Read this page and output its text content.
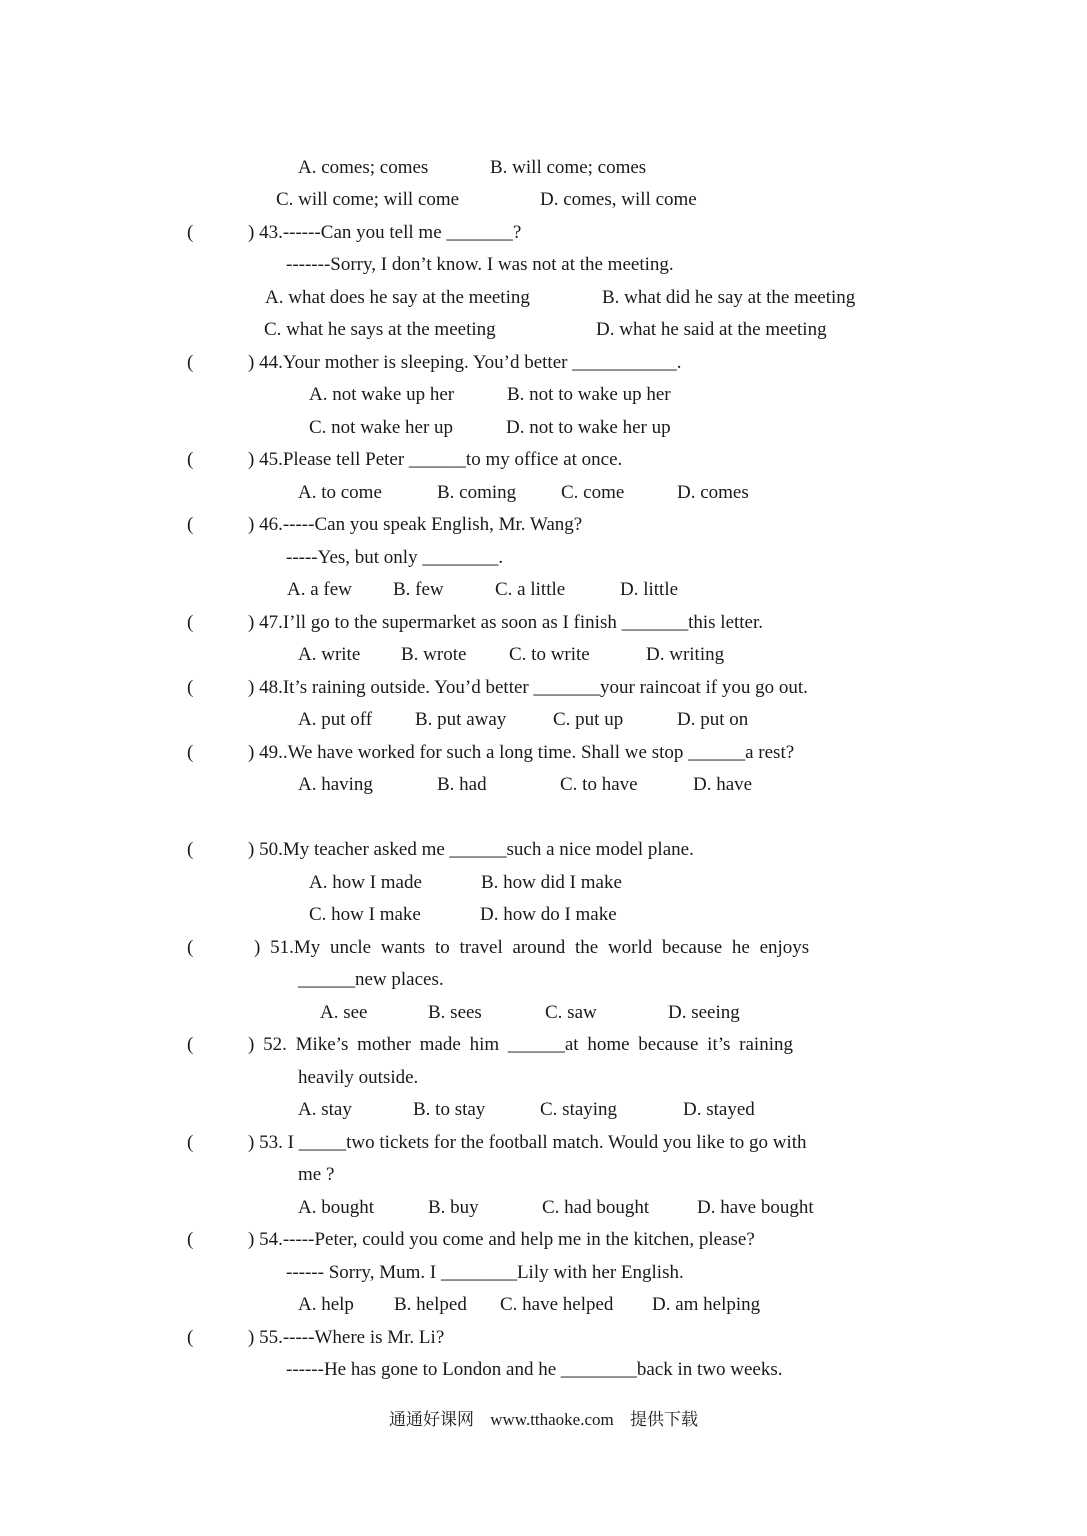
A. comes; comes	B. will come; comes
C. will come; will come	D. comes, will come
(	) 43.------Can you tell me _______?
-------Sorry, I don’t know. I was not at the meeting.
A. what does he say at the meeting	B. what did he say at the meeting
C. what he says at the meeting	D. what he said at the meeting
(	) 44.Your mother is sleeping. You’d better ___________.
A. not wake up her	B. not to wake up her
C. not wake her up	D. not to wake her up
(	) 45.Please tell Peter ______to my office at once.
A. to come	B. coming C. come	D. comes
(	) 46.-----Can you speak English, Mr. Wang?
-----Yes, but only ________.
A. a few B. few	C. a little	D. little
(	) 47.I’ll go to the supermarket as soon as I finish _______this letter.
A. write B. wrote C. to write	D. writing
(	) 48.It’s raining outside. You’d better _______your raincoat if you go out.
A. put off B. put away C. put up	D. put on
(	) 49..We have worked for such a long time. Shall we stop ______a rest?
A. having	B. had	C. to have	D. have
(	) 50.My teacher asked me ______such a nice model plane.
A. how I made	B. how did I make
C. how I make	D. how do I make
(	) 51.My uncle wants to travel around the world because he enjoys
______new places.
A. see	B. sees	C. saw	D. seeing
(	) 52. Mike’s mother made him ______at home because it’s raining
heavily outside.
A. stay	B. to stay	C. staying	D. stayed
(	) 53. I _____two tickets for the football match. Would you like to go with
me ?
A. bought	B. buy	C. had bought	D. have bought
(	) 54.-----Peter, could you come and help me in the kitchen, please?
------ Sorry, Mum. I ________Lily with her English.
A. help B. helped C. have helped D. am helping
(	) 55.-----Where is Mr. Li?
------He has gone to London and he ________back in two weeks.
通通好课网 www.tthaoke.com 提供下载
